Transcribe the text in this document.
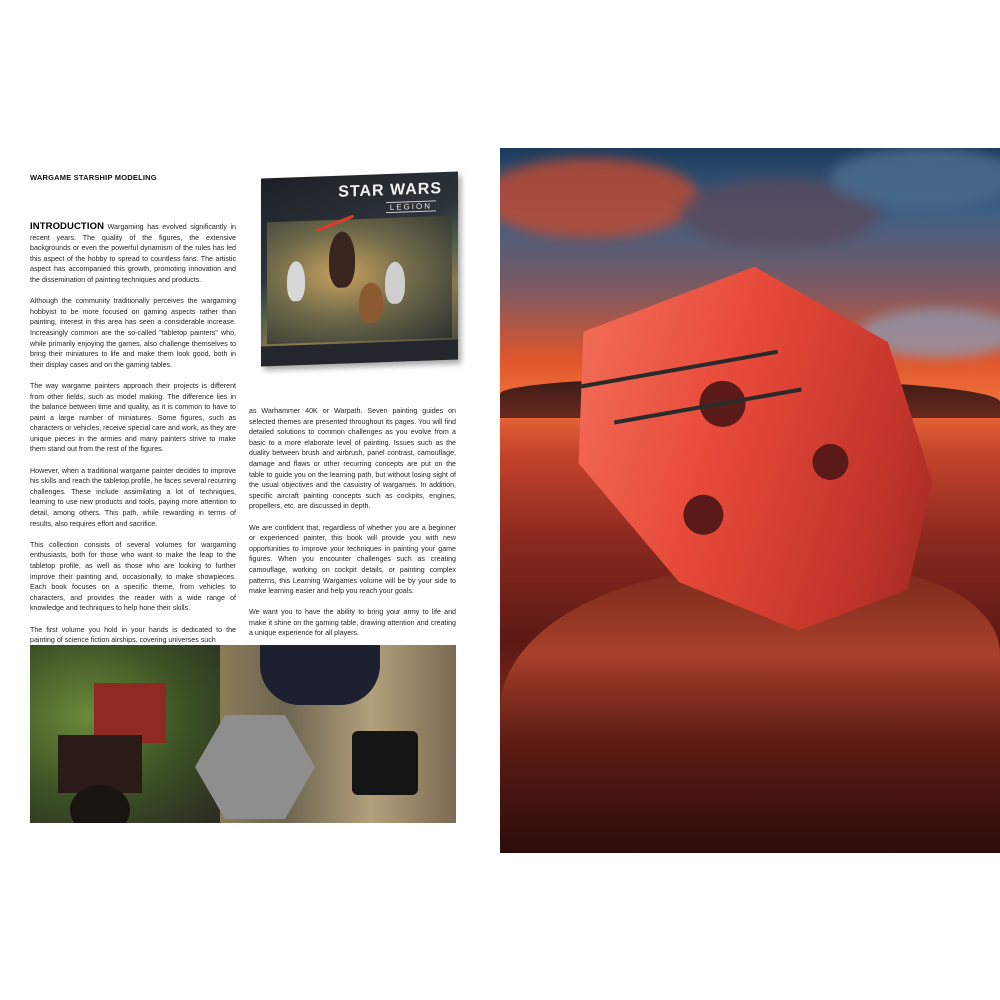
WARGAME STARSHIP MODELING
STAR WARS
LEGION

INTRODUCTION Wargaming has evolved significantly in recent years. The quality of the figures, the extensive backgrounds or even the powerful dynamism of the rules has led this aspect of the hobby to spread to countless fans. The artistic aspect has accompanied this growth, promoting innovation and the dissemination of painting techniques and products.

Although the community traditionally perceives the wargaming hobbyist to be more focused on gaming aspects rather than painting, interest in this area has seen a considerable increase. Increasingly common are the so-called "tabletop painters" who, while primarily enjoying the games, also challenge themselves to bring their miniatures to life and make them look good, both in their display cases and on the gaming tables.

The way wargame painters approach their projects is different from other fields, such as model making. The difference lies in the balance between time and quality, as it is common to have to paint a large number of miniatures. Some figures, such as characters or vehicles, receive special care and work, as they are unique pieces in the armies and many painters strive to make them stand out from the rest of the figures.

However, when a traditional wargame painter decides to improve his skills and reach the tabletop profile, he faces several recurring challenges. These include assimilating a lot of techniques, learning to use new products and tools, paying more attention to detail, among others. This path, while rewarding in terms of results, also requires effort and sacrifice.

This collection consists of several volumes for wargaming enthusiasts, both for those who want to make the leap to the tabletop profile, as well as those who are looking to further improve their painting and, occasionally, to make showpieces. Each book focuses on a specific theme, from vehicles to characters, and provides the reader with a wide range of knowledge and techniques to help hone their skills.

The first volume you hold in your hands is dedicated to the painting of science fiction airships, covering universes such

as Warhammer 40K or Warpath. Seven painting guides on selected themes are presented throughout its pages. You will find detailed solutions to common challenges as you evolve from a basic to a more elaborate level of painting. Issues such as the duality between brush and airbrush, panel contrast, camouflage, damage and flaws or other recurring concepts are put on the table to guide you on the learning path, but without losing sight of the usual objectives and the casuistry of wargames. In addition, specific aircraft painting concepts such as cockpits, engines, propellers, etc. are discussed in depth.

We are confident that, regardless of whether you are a beginner or experienced painter, this book will provide you with new opportunities to improve your techniques in painting your game figures. When you encounter challenges such as creating camouflage, working on cockpit details, or painting complex patterns, this Learning Wargames volume will be by your side to make learning easier and help you reach your goals.

We want you to have the ability to bring your army to life and make it shine on the gaming table, drawing attention and creating a unique experience for all players.
